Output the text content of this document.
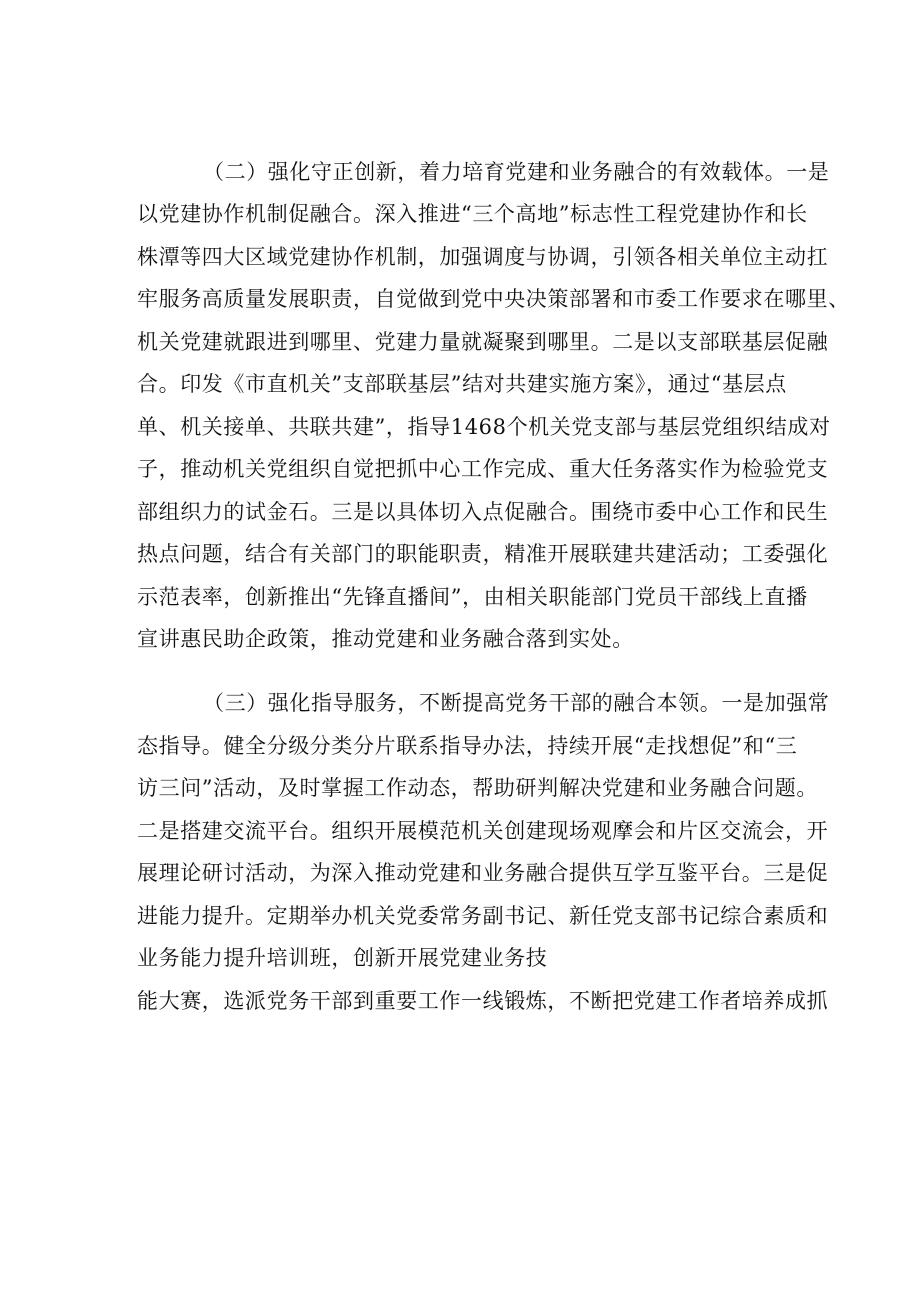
（二）强化守正创新，着力培育党建和业务融合的有效载体。一是
以党建协作机制促融合。深入推进“三个高地”标志性工程党建协作和长
株潭等四大区域党建协作机制，加强调度与协调，引领各相关单位主动扛
牢服务高质量发展职责，自觉做到党中央决策部署和市委工作要求在哪里、
机关党建就跟进到哪里、党建力量就凝聚到哪里。二是以支部联基层促融
合。印发《市直机关”支部联基层”结对共建实施方案》，通过“基层点
单、机关接单、共联共建”，指导1468个机关党支部与基层党组织结成对
子，推动机关党组织自觉把抓中心工作完成、重大任务落实作为检验党支
部组织力的试金石。三是以具体切入点促融合。围绕市委中心工作和民生
热点问题，结合有关部门的职能职责，精准开展联建共建活动；工委强化
示范表率，创新推出“先锋直播间”，由相关职能部门党员干部线上直播
宣讲惠民助企政策，推动党建和业务融合落到实处。
（三）强化指导服务，不断提高党务干部的融合本领。一是加强常
态指导。健全分级分类分片联系指导办法，持续开展“走找想促”和“三
访三问”活动，及时掌握工作动态，帮助研判解决党建和业务融合问题。
二是搭建交流平台。组织开展模范机关创建现场观摩会和片区交流会，开
展理论研讨活动，为深入推动党建和业务融合提供互学互鉴平台。三是促
进能力提升。定期举办机关党委常务副书记、新任党支部书记综合素质和
业务能力提升培训班，创新开展党建业务技
能大赛，选派党务干部到重要工作一线锻炼，不断把党建工作者培养成抓
